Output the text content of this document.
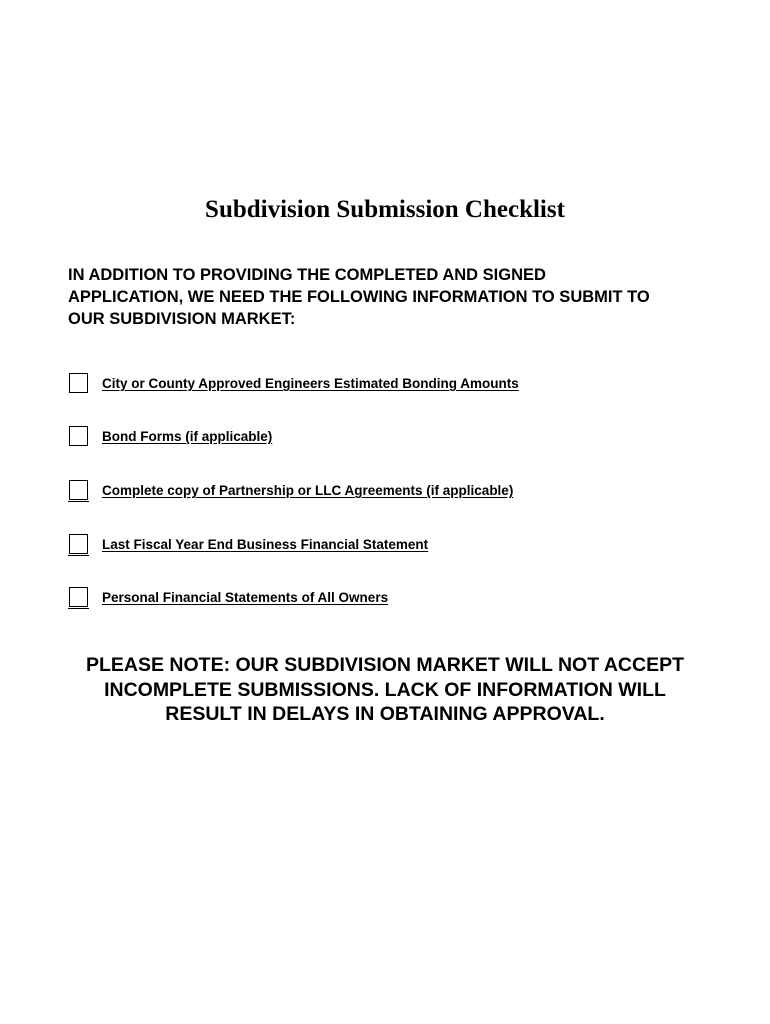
Subdivision Submission Checklist

IN ADDITION TO PROVIDING THE COMPLETED AND SIGNED
APPLICATION, WE NEED THE FOLLOWING INFORMATION TO SUBMIT TO
OUR SUBDIVISION MARKET:

City or County Approved Engineers Estimated Bonding Amounts
Bond Forms (if applicable)
Complete copy of Partnership or LLC Agreements (if applicable)
Last Fiscal Year End Business Financial Statement
Personal Financial Statements of All Owners

PLEASE NOTE: OUR SUBDIVISION MARKET WILL NOT ACCEPT
INCOMPLETE SUBMISSIONS. LACK OF INFORMATION WILL
RESULT IN DELAYS IN OBTAINING APPROVAL.
